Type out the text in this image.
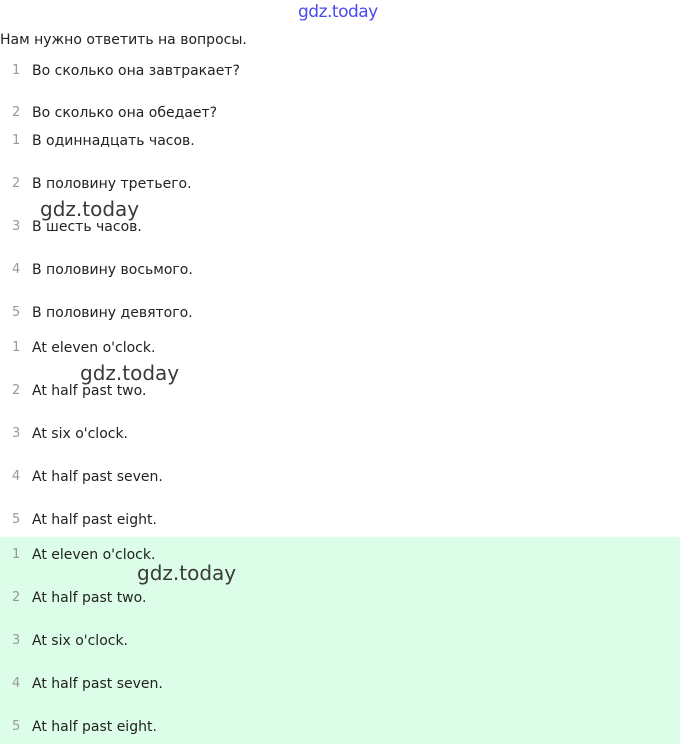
gdz.today
gdz.today
gdz.today
gdz.today
Нам нужно ответить на вопросы.
1 Во сколько она завтракает?
2 Во сколько она обедает?
1 В одиннадцать часов.
2 В половину третьего.
3 В шесть часов.
4 В половину восьмого.
5 В половину девятого.
1 At eleven o'clock.
2 At half past two.
3 At six o'clock.
4 At half past seven.
5 At half past eight.
1 At eleven o'clock.
2 At half past two.
3 At six o'clock.
4 At half past seven.
5 At half past eight.
